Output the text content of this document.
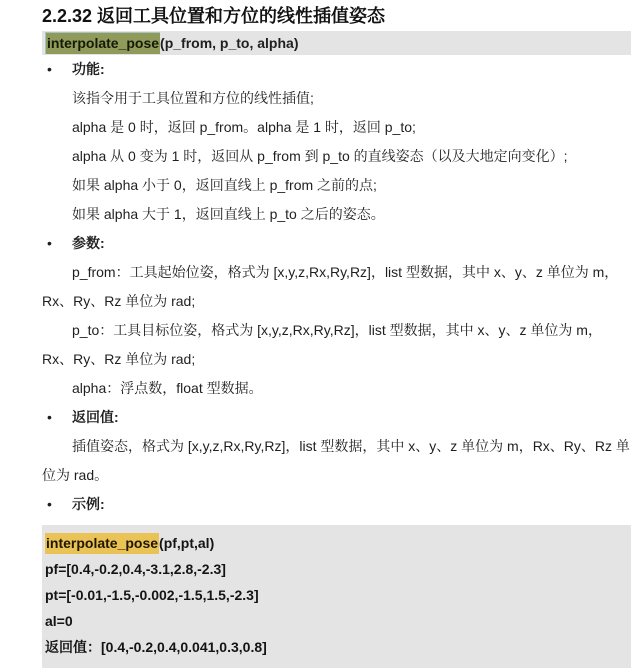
2.2.32 返回工具位置和方位的线性插值姿态
interpolate_pose(p_from, p_to, alpha)
•	功能:

该指令用于工具位置和方位的线性插值;

alpha 是 0 时，返回 p_from。alpha 是 1 时，返回 p_to;

alpha 从 0 变为 1 时，返回从 p_from 到 p_to 的直线姿态（以及大地定向变化）;

如果 alpha 小于 0，返回直线上 p_from 之前的点;

如果 alpha 大于 1，返回直线上 p_to 之后的姿态。

•	参数:

p_from：工具起始位姿，格式为 [x,y,z,Rx,Ry,Rz]，list 型数据，其中 x、y、z 单位为 m，Rx、Ry、Rz 单位为 rad;

p_to：工具目标位姿，格式为 [x,y,z,Rx,Ry,Rz]，list 型数据，其中 x、y、z 单位为 m，Rx、Ry、Rz 单位为 rad;

alpha：浮点数，float 型数据。

•	返回值:

插值姿态，格式为 [x,y,z,Rx,Ry,Rz]，list 型数据，其中 x、y、z 单位为 m，Rx、Ry、Rz 单位为 rad。

•	示例:
interpolate_pose(pf,pt,al)
pf=[0.4,-0.2,0.4,-3.1,2.8,-2.3]
pt=[-0.01,-1.5,-0.002,-1.5,1.5,-2.3]
al=0
返回值：[0.4,-0.2,0.4,0.041,0.3,0.8]
